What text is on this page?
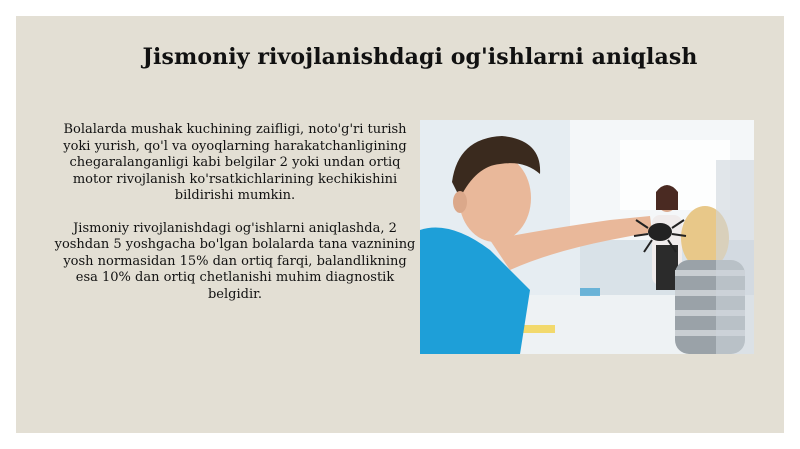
Jismoniy rivojlanishdagi og'ishlarni aniqlash

Bolalarda mushak kuchining zaifligi, noto'g'ri turish yoki yurish, qo'l va oyoqlarning harakatchanligining chegaralanganligi kabi belgilar 2 yoki undan ortiq motor rivojlanish ko'rsatkichlarining kechikishini bildirishi mumkin.

Jismoniy rivojlanishdagi og'ishlarni aniqlashda, 2 yoshdan 5 yoshgacha bo'lgan bolalarda tana vaznining yosh normasidan 15% dan ortiq farqi, balandlikning esa 10% dan ortiq chetlanishi muhim diagnostik belgidir.
